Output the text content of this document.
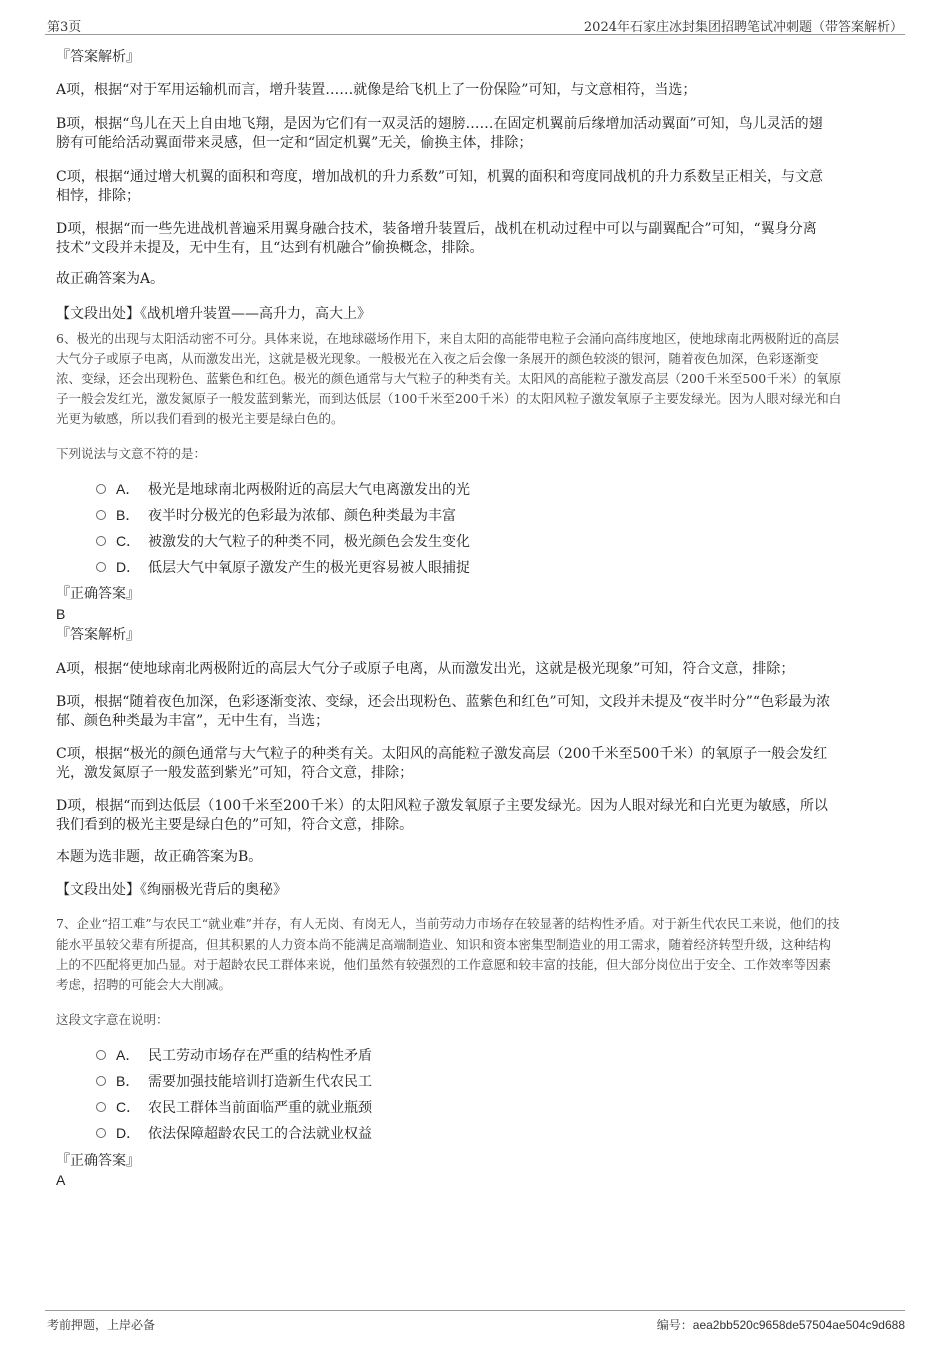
第3页	2024年石家庄冰封集团招聘笔试冲刺题（带答案解析）
『答案解析』
A项，根据“对于军用运输机而言，增升装置……就像是给飞机上了一份保险”可知，与文意相符，当选；
B项，根据“鸟儿在天上自由地飞翔，是因为它们有一双灵活的翅膀……在固定机翼前后缘增加活动翼面”可知，鸟儿灵活的翅
膀有可能给活动翼面带来灵感，但一定和“固定机翼”无关，偷换主体，排除；
C项，根据“通过增大机翼的面积和弯度，增加战机的升力系数”可知，机翼的面积和弯度同战机的升力系数呈正相关，与文意
相悖，排除；
D项，根据“而一些先进战机普遍采用翼身融合技术，装备增升装置后，战机在机动过程中可以与副翼配合”可知，“翼身分离
技术”文段并未提及，无中生有，且“达到有机融合”偷换概念，排除。
故正确答案为A。
【文段出处】《战机增升装置——高升力，高大上》
6、极光的出现与太阳活动密不可分。具体来说，在地球磁场作用下，来自太阳的高能带电粒子会涌向高纬度地区，使地球南北两极附近的高层
大气分子或原子电离，从而激发出光，这就是极光现象。一般极光在入夜之后会像一条展开的颜色较淡的银河，随着夜色加深，色彩逐渐变
浓、变绿，还会出现粉色、蓝紫色和红色。极光的颜色通常与大气粒子的种类有关。太阳风的高能粒子激发高层（200千米至500千米）的氧原
子一般会发红光，激发氮原子一般发蓝到紫光，而到达低层（100千米至200千米）的太阳风粒子激发氧原子主要发绿光。因为人眼对绿光和白
光更为敏感，所以我们看到的极光主要是绿白色的。
下列说法与文意不符的是：
A． 极光是地球南北两极附近的高层大气电离激发出的光
B． 夜半时分极光的色彩最为浓郁、颜色种类最为丰富
C． 被激发的大气粒子的种类不同，极光颜色会发生变化
D． 低层大气中氧原子激发产生的极光更容易被人眼捕捉
『正确答案』
B
『答案解析』
A项，根据“使地球南北两极附近的高层大气分子或原子电离，从而激发出光，这就是极光现象”可知，符合文意，排除；
B项，根据“随着夜色加深，色彩逐渐变浓、变绿，还会出现粉色、蓝紫色和红色”可知，文段并未提及“夜半时分”“色彩最为浓
郁、颜色种类最为丰富”，无中生有，当选；
C项，根据“极光的颜色通常与大气粒子的种类有关。太阳风的高能粒子激发高层（200千米至500千米）的氧原子一般会发红
光，激发氮原子一般发蓝到紫光”可知，符合文意，排除；
D项，根据“而到达低层（100千米至200千米）的太阳风粒子激发氧原子主要发绿光。因为人眼对绿光和白光更为敏感，所以
我们看到的极光主要是绿白色的”可知，符合文意，排除。
本题为选非题，故正确答案为B。
【文段出处】《绚丽极光背后的奥秘》
7、企业“招工难”与农民工“就业难”并存，有人无岗、有岗无人，当前劳动力市场存在较显著的结构性矛盾。对于新生代农民工来说，他们的技
能水平虽较父辈有所提高，但其积累的人力资本尚不能满足高端制造业、知识和资本密集型制造业的用工需求，随着经济转型升级，这种结构
上的不匹配将更加凸显。对于超龄农民工群体来说，他们虽然有较强烈的工作意愿和较丰富的技能，但大部分岗位出于安全、工作效率等因素
考虑，招聘的可能会大大削减。
这段文字意在说明：
A． 民工劳动市场存在严重的结构性矛盾
B． 需要加强技能培训打造新生代农民工
C． 农民工群体当前面临严重的就业瓶颈
D． 依法保障超龄农民工的合法就业权益
『正确答案』
A
考前押题，上岸必备	编号：aea2bb520c9658de57504ae504c9d688
